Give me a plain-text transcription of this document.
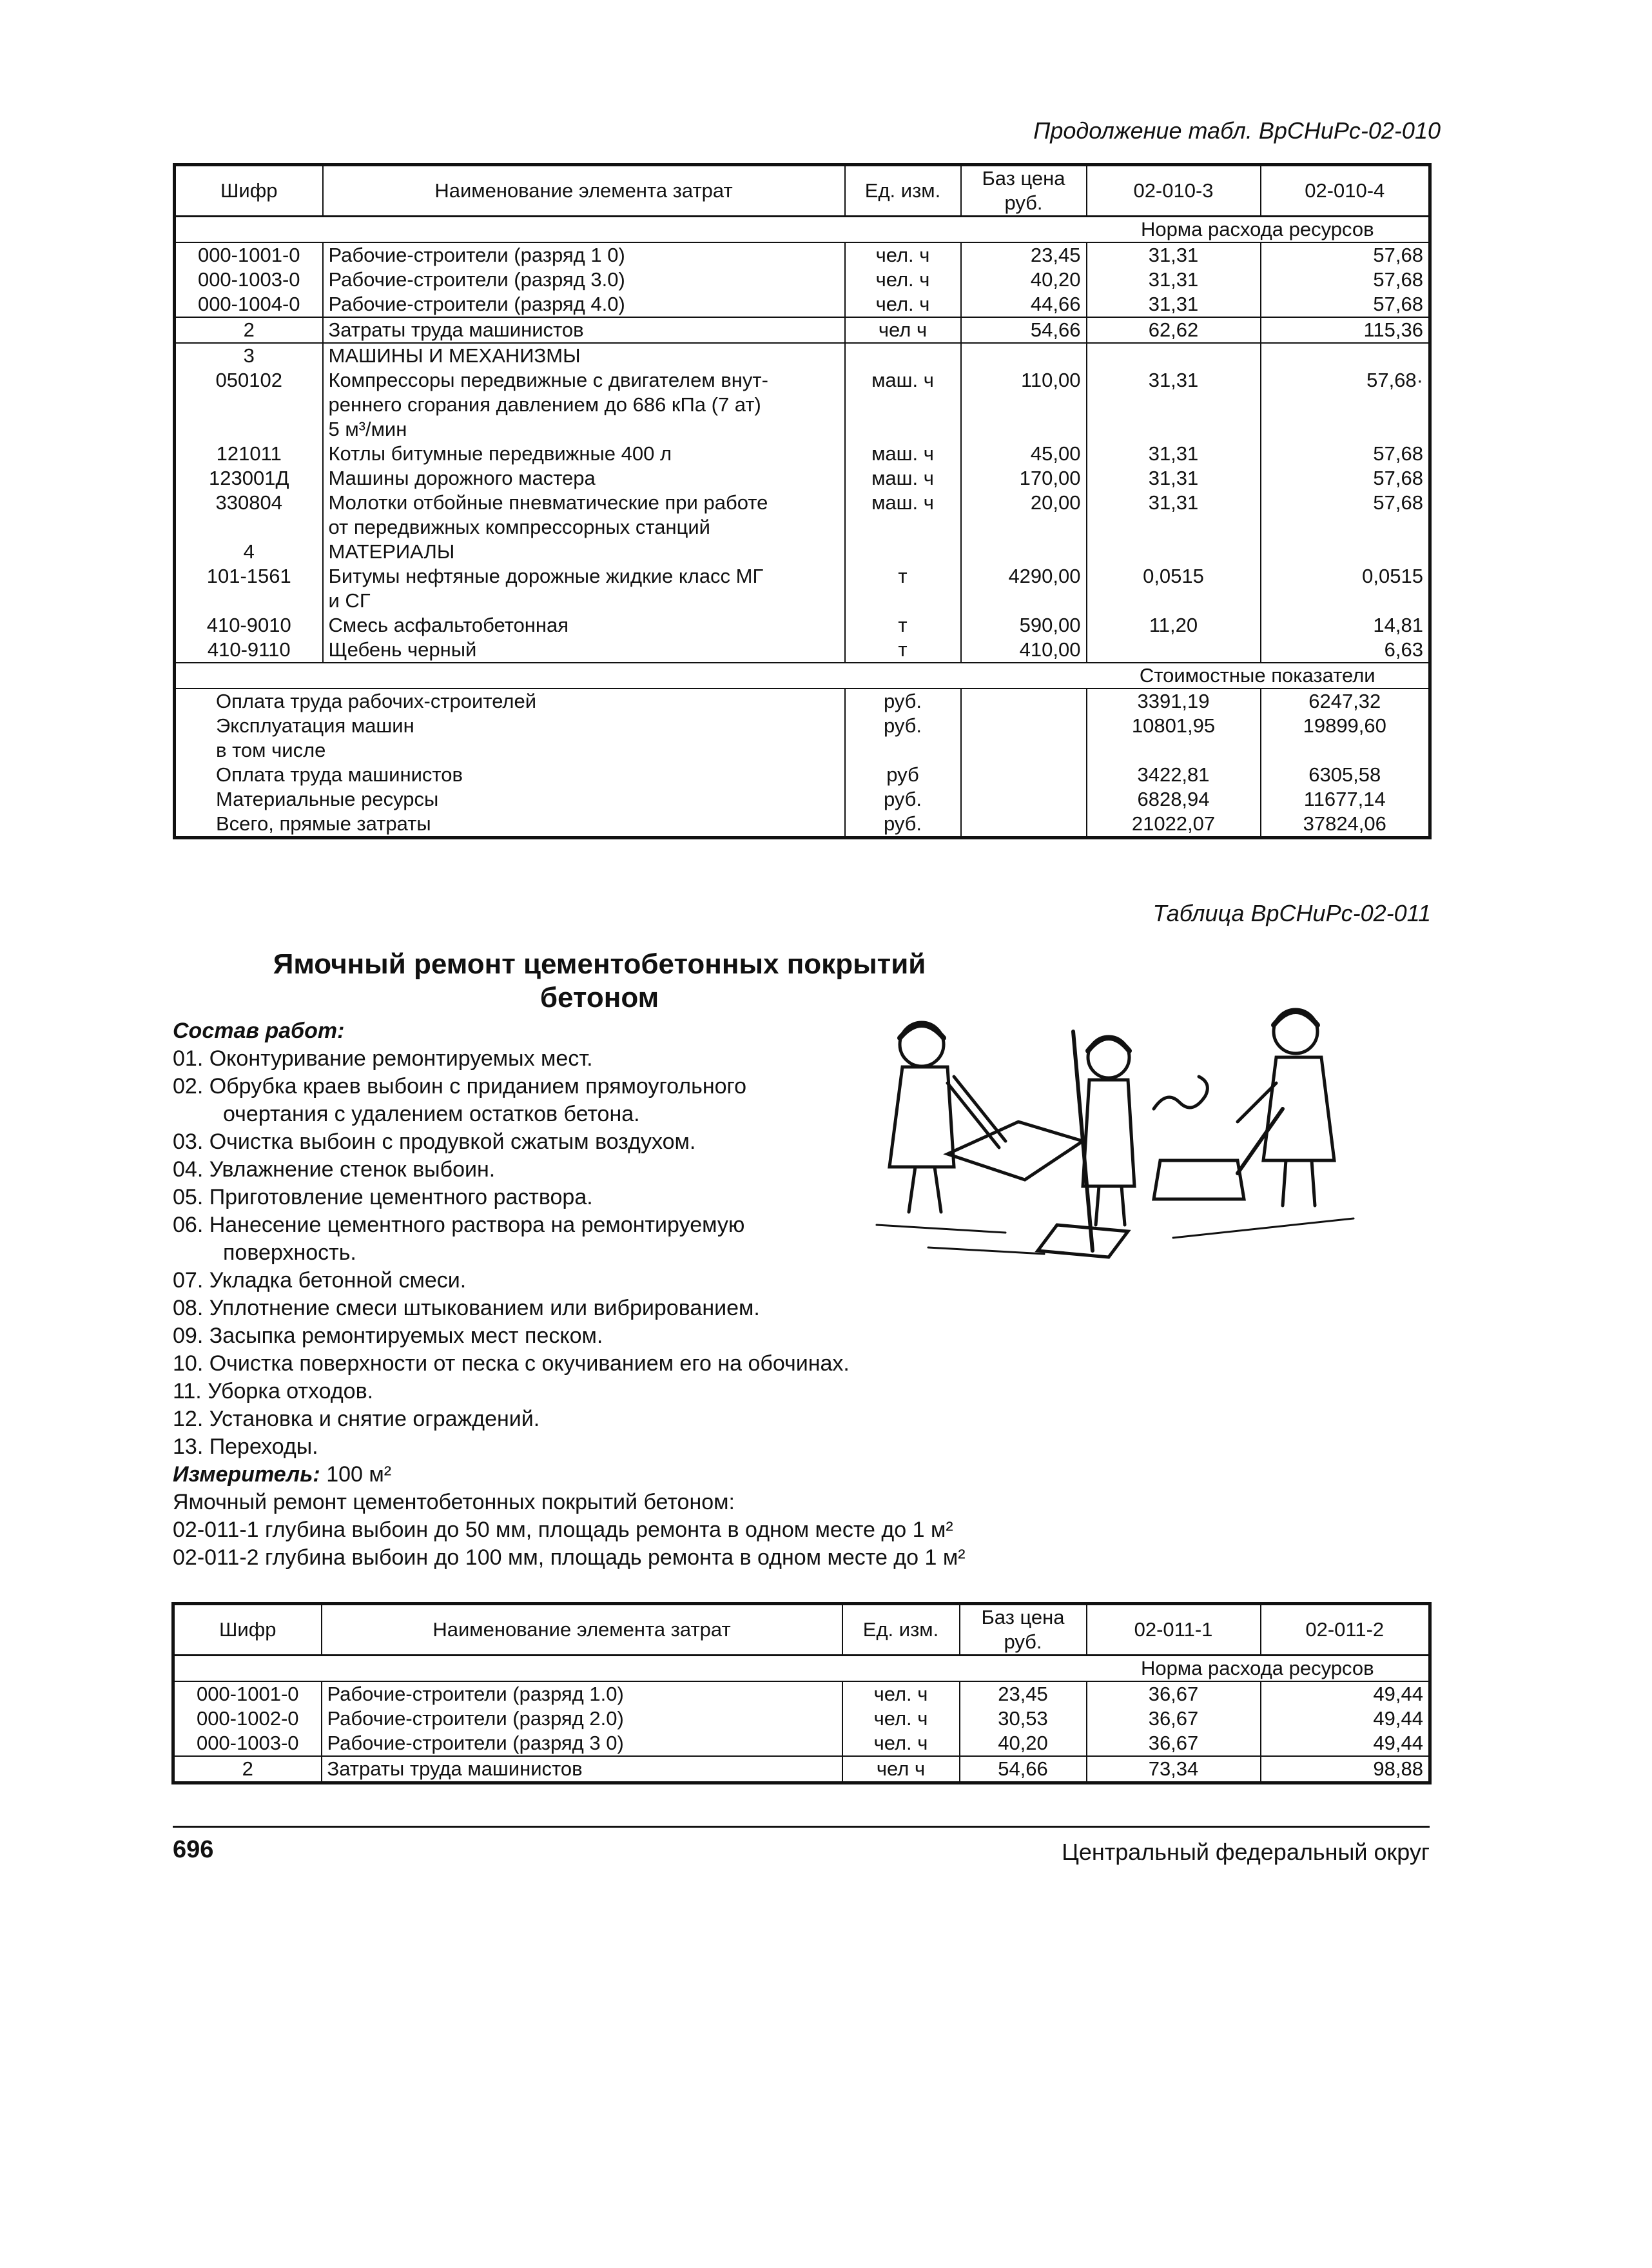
Продолжение табл. ВрСНиРс-02-010
Шифр	Наименование элемента затрат	Ед. изм.	Баз цена руб.	02-010-3	02-010-4
				Норма расхода ресурсов	
000-1001-0	Рабочие-строители (разряд 1 0)	чел. ч	23,45	31,31	57,68
000-1003-0	Рабочие-строители (разряд 3.0)	чел. ч	40,20	31,31	57,68
000-1004-0	Рабочие-строители (разряд 4.0)	чел. ч	44,66	31,31	57,68
2	Затраты труда машинистов	чел ч	54,66	62,62	115,36
3	МАШИНЫ И МЕХАНИЗМЫ				
050102	Компрессоры передвижные с двигателем внут-	маш. ч	110,00	31,31	57,68·
	реннего сгорания давлением до 686 кПа (7 ат)				
	5 м³/мин				
121011	Котлы битумные передвижные 400 л	маш. ч	45,00	31,31	57,68
123001Д	Машины дорожного мастера	маш. ч	170,00	31,31	57,68
330804	Молотки отбойные пневматические при работе	маш. ч	20,00	31,31	57,68
	от передвижных компрессорных станций				
4	МАТЕРИАЛЫ				
101-1561	Битумы нефтяные дорожные жидкие класс МГ	т	4290,00	0,0515	0,0515
	и СГ				
410-9010	Смесь асфальтобетонная	т	590,00	11,20	14,81
410-9110	Щебень черный	т	410,00		6,63
				Стоимостные показатели	
Оплата труда рабочих-строителей		руб.		3391,19	6247,32
Эксплуатация машин		руб.		10801,95	19899,60
в том числе					
Оплата труда машинистов		руб		3422,81	6305,58
Материальные ресурсы		руб.		6828,94	11677,14
Всего, прямые затраты		руб.		21022,07	37824,06
Таблица ВрСНиРс-02-011
Ямочный ремонт цементобетонных покрытий
бетоном
Состав работ:
01. Оконтуривание ремонтируемых мест.
02. Обрубка краев выбоин с приданием прямоугольного
очертания с удалением остатков бетона.
03. Очистка выбоин с продувкой сжатым воздухом.
04. Увлажнение стенок выбоин.
05. Приготовление цементного раствора.
06. Нанесение цементного раствора на ремонтируемую
поверхность.
07. Укладка бетонной смеси.
08. Уплотнение смеси штыкованием или вибрированием.
09. Засыпка ремонтируемых мест песком.
10. Очистка поверхности от песка с окучиванием его на обочинах.
11. Уборка отходов.
12. Установка и снятие ограждений.
13. Переходы.
Измеритель: 100 м²
Ямочный ремонт цементобетонных покрытий бетоном:
02-011-1 глубина выбоин до 50 мм, площадь ремонта в одном месте до 1 м²
02-011-2 глубина выбоин до 100 мм, площадь ремонта в одном месте до 1 м²
Шифр	Наименование элемента затрат	Ед. изм.	Баз цена руб.	02-011-1	02-011-2
				Норма расхода ресурсов	
000-1001-0	Рабочие-строители (разряд 1.0)	чел. ч	23,45	36,67	49,44
000-1002-0	Рабочие-строители (разряд 2.0)	чел. ч	30,53	36,67	49,44
000-1003-0	Рабочие-строители (разряд 3 0)	чел. ч	40,20	36,67	49,44
2	Затраты труда машинистов	чел ч	54,66	73,34	98,88
696	Центральный федеральный округ
